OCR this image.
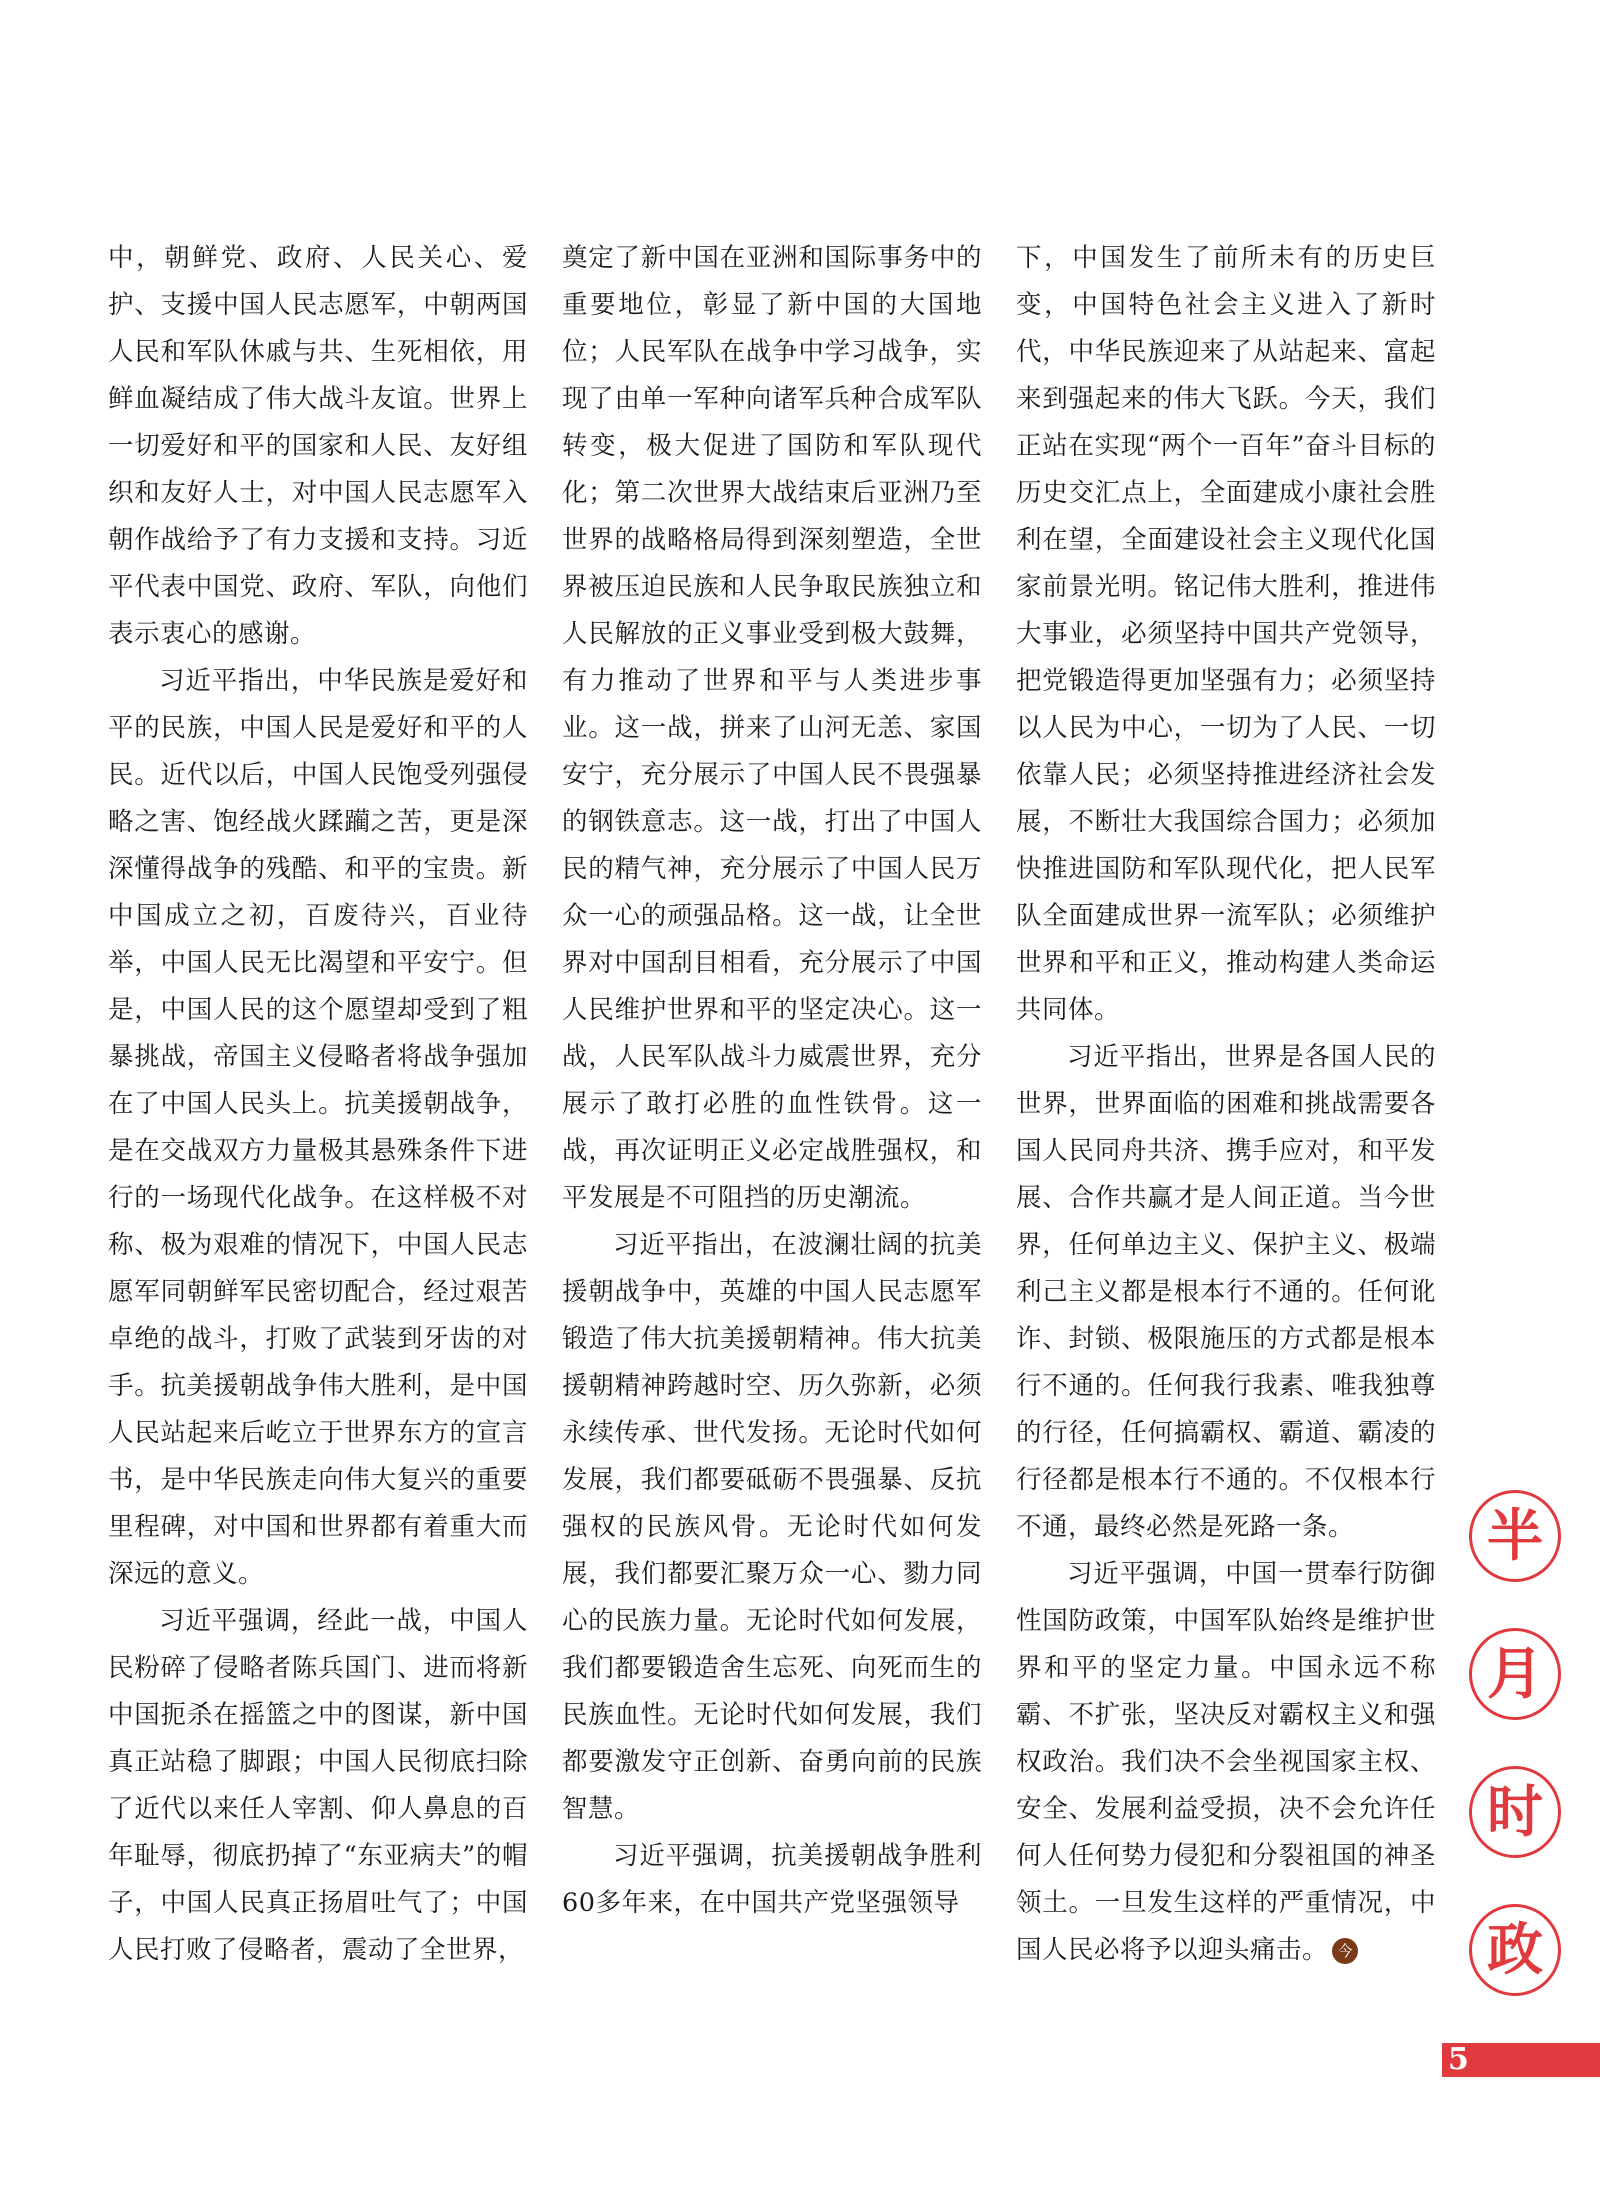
中，朝鲜党、政府、人民关心、爱护、支援中国人民志愿军，中朝两国人民和军队休戚与共、生死相依，用鲜血凝结成了伟大战斗友谊。世界上一切爱好和平的国家和人民、友好组织和友好人士，对中国人民志愿军入朝作战给予了有力支援和支持。习近平代表中国党、政府、军队，向他们表示衷心的感谢。

习近平指出，中华民族是爱好和平的民族，中国人民是爱好和平的人民。近代以后，中国人民饱受列强侵略之害、饱经战火蹂躏之苦，更是深深懂得战争的残酷、和平的宝贵。新中国成立之初，百废待兴，百业待举，中国人民无比渴望和平安宁。但是，中国人民的这个愿望却受到了粗暴挑战，帝国主义侵略者将战争强加在了中国人民头上。抗美援朝战争，是在交战双方力量极其悬殊条件下进行的一场现代化战争。在这样极不对称、极为艰难的情况下，中国人民志愿军同朝鲜军民密切配合，经过艰苦卓绝的战斗，打败了武装到牙齿的对手。抗美援朝战争伟大胜利，是中国人民站起来后屹立于世界东方的宣言书，是中华民族走向伟大复兴的重要里程碑，对中国和世界都有着重大而深远的意义。

习近平强调，经此一战，中国人民粉碎了侵略者陈兵国门、进而将新中国扼杀在摇篮之中的图谋，新中国真正站稳了脚跟；中国人民彻底扫除了近代以来任人宰割、仰人鼻息的百年耻辱，彻底扔掉了“东亚病夫”的帽子，中国人民真正扬眉吐气了；中国人民打败了侵略者，震动了全世界，

奠定了新中国在亚洲和国际事务中的重要地位，彰显了新中国的大国地位；人民军队在战争中学习战争，实现了由单一军种向诸军兵种合成军队转变，极大促进了国防和军队现代化；第二次世界大战结束后亚洲乃至世界的战略格局得到深刻塑造，全世界被压迫民族和人民争取民族独立和人民解放的正义事业受到极大鼓舞，有力推动了世界和平与人类进步事业。这一战，拼来了山河无恙、家国安宁，充分展示了中国人民不畏强暴的钢铁意志。这一战，打出了中国人民的精气神，充分展示了中国人民万众一心的顽强品格。这一战，让全世界对中国刮目相看，充分展示了中国人民维护世界和平的坚定决心。这一战，人民军队战斗力威震世界，充分展示了敢打必胜的血性铁骨。这一战，再次证明正义必定战胜强权，和平发展是不可阻挡的历史潮流。

习近平指出，在波澜壮阔的抗美援朝战争中，英雄的中国人民志愿军锻造了伟大抗美援朝精神。伟大抗美援朝精神跨越时空、历久弥新，必须永续传承、世代发扬。无论时代如何发展，我们都要砥砺不畏强暴、反抗强权的民族风骨。无论时代如何发展，我们都要汇聚万众一心、勠力同心的民族力量。无论时代如何发展，我们都要锻造舍生忘死、向死而生的民族血性。无论时代如何发展，我们都要激发守正创新、奋勇向前的民族智慧。

习近平强调，抗美援朝战争胜利60多年来，在中国共产党坚强领导

下，中国发生了前所未有的历史巨变，中国特色社会主义进入了新时代，中华民族迎来了从站起来、富起来到强起来的伟大飞跃。今天，我们正站在实现“两个一百年”奋斗目标的历史交汇点上，全面建成小康社会胜利在望，全面建设社会主义现代化国家前景光明。铭记伟大胜利，推进伟大事业，必须坚持中国共产党领导，把党锻造得更加坚强有力；必须坚持以人民为中心，一切为了人民、一切依靠人民；必须坚持推进经济社会发展，不断壮大我国综合国力；必须加快推进国防和军队现代化，把人民军队全面建成世界一流军队；必须维护世界和平和正义，推动构建人类命运共同体。

习近平指出，世界是各国人民的世界，世界面临的困难和挑战需要各国人民同舟共济、携手应对，和平发展、合作共赢才是人间正道。当今世界，任何单边主义、保护主义、极端利己主义都是根本行不通的。任何讹诈、封锁、极限施压的方式都是根本行不通的。任何我行我素、唯我独尊的行径，任何搞霸权、霸道、霸凌的行径都是根本行不通的。不仅根本行不通，最终必然是死路一条。

习近平强调，中国一贯奉行防御性国防政策，中国军队始终是维护世界和平的坚定力量。中国永远不称霸、不扩张，坚决反对霸权主义和强权政治。我们决不会坐视国家主权、安全、发展利益受损，决不会允许任何人任何势力侵犯和分裂祖国的神圣领土。一旦发生这样的严重情况，中国人民必将予以迎头痛击。 今

半
月
时
政
5
